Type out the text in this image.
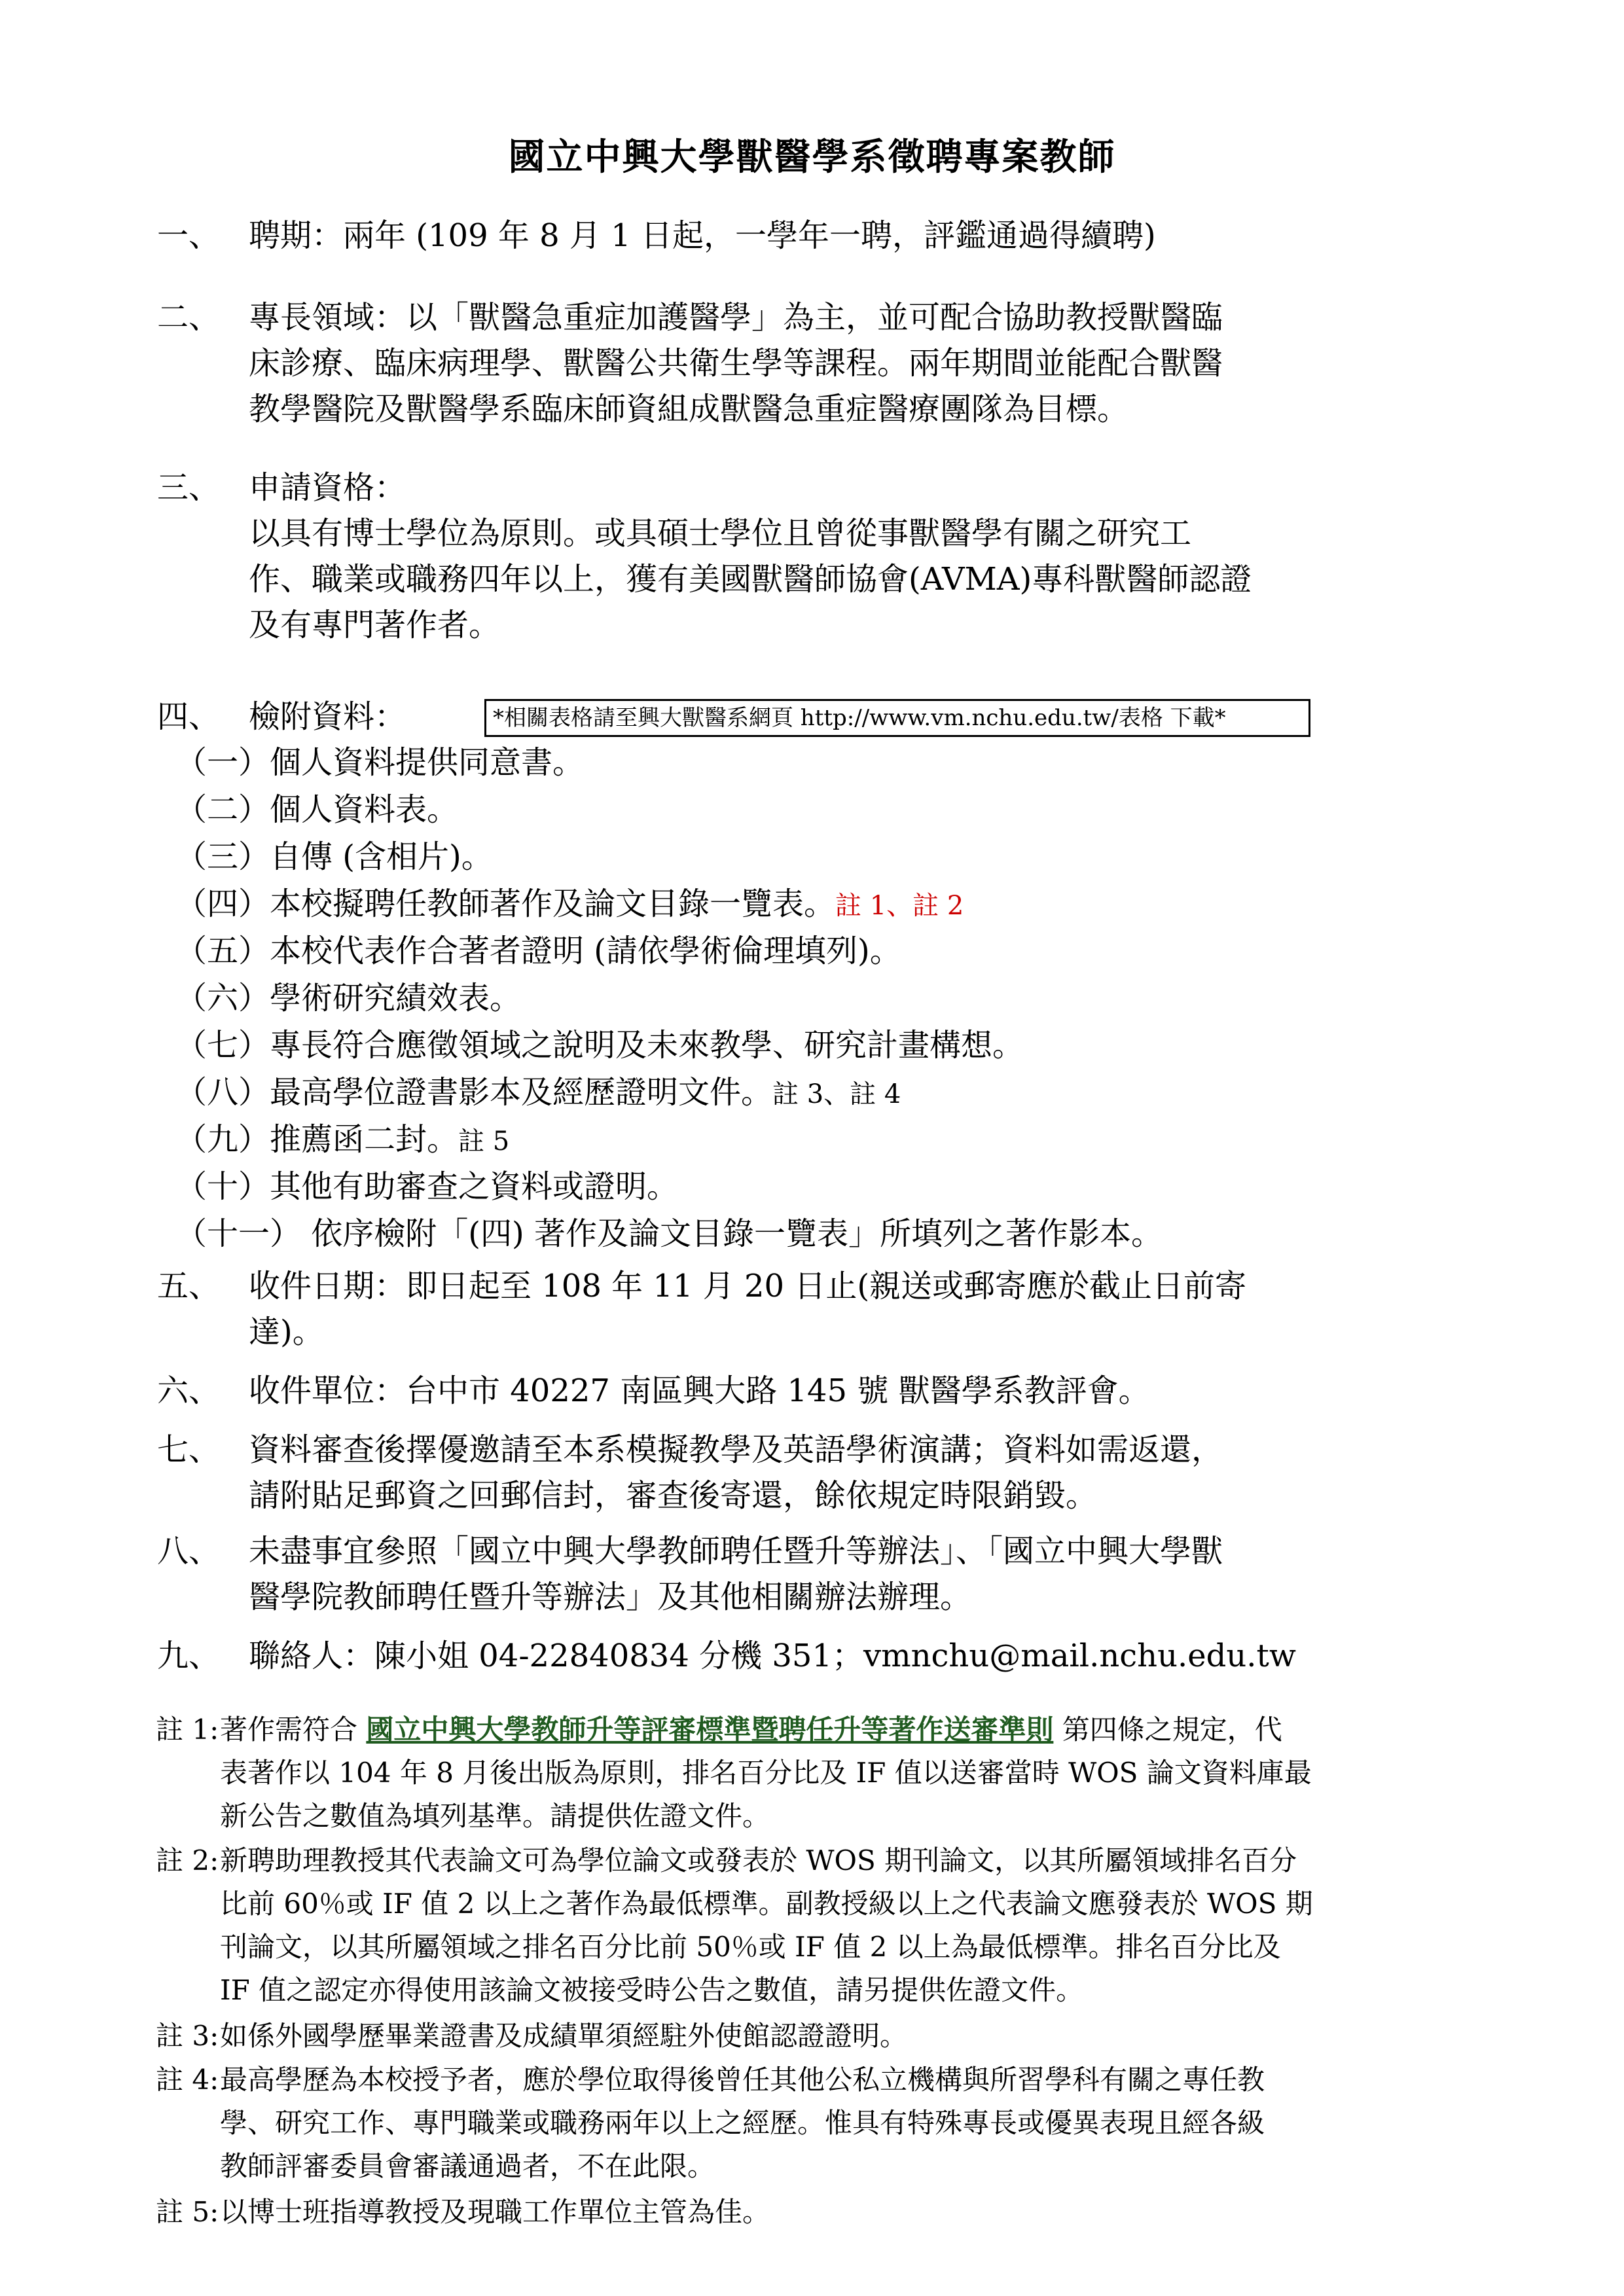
國立中興大學獸醫學系徵聘專案教師
一、 聘期：兩年 (109 年 8 月 1 日起，一學年一聘，評鑑通過得續聘)
二、 專長領域：以「獸醫急重症加護醫學」為主，並可配合協助教授獸醫臨
床診療、臨床病理學、獸醫公共衛生學等課程。兩年期間並能配合獸醫
教學醫院及獸醫學系臨床師資組成獸醫急重症醫療團隊為目標。
三、 申請資格：
以具有博士學位為原則。或具碩士學位且曾從事獸醫學有關之研究工
作、職業或職務四年以上，獲有美國獸醫師協會(AVMA)專科獸醫師認證
及有專門著作者。
四、 檢附資料：	*相關表格請至興大獸醫系網頁 http://www.vm.nchu.edu.tw/表格 下載*
（一）個人資料提供同意書。
（二）個人資料表。
（三）自傳 (含相片)。
（四）本校擬聘任教師著作及論文目錄一覽表。註 1、註 2
（五）本校代表作合著者證明 (請依學術倫理填列)。
（六）學術研究績效表。
（七）專長符合應徵領域之說明及未來教學、研究計畫構想。
（八）最高學位證書影本及經歷證明文件。註 3、註 4
（九）推薦函二封。註 5
（十）其他有助審查之資料或證明。
（十一） 依序檢附「(四) 著作及論文目錄一覽表」所填列之著作影本。
五、 收件日期：即日起至 108 年 11 月 20 日止(親送或郵寄應於截止日前寄
達)。
六、 收件單位：台中市 40227 南區興大路 145 號 獸醫學系教評會。
七、 資料審查後擇優邀請至本系模擬教學及英語學術演講；資料如需返還，
請附貼足郵資之回郵信封，審查後寄還，餘依規定時限銷毀。
八、 未盡事宜參照「國立中興大學教師聘任暨升等辦法」、「國立中興大學獸
醫學院教師聘任暨升等辦法」及其他相關辦法辦理。
九、 聯絡人：陳小姐 04-22840834 分機 351；vmnchu@mail.nchu.edu.tw
註 1: 著作需符合 國立中興大學教師升等評審標準暨聘任升等著作送審準則 第四條之規定，代
表著作以 104 年 8 月後出版為原則，排名百分比及 IF 值以送審當時 WOS 論文資料庫最
新公告之數值為填列基準。請提供佐證文件。
註 2: 新聘助理教授其代表論文可為學位論文或發表於 WOS 期刊論文，以其所屬領域排名百分
比前 60％或 IF 值 2 以上之著作為最低標準。副教授級以上之代表論文應發表於 WOS 期
刊論文，以其所屬領域之排名百分比前 50％或 IF 值 2 以上為最低標準。排名百分比及
IF 值之認定亦得使用該論文被接受時公告之數值，請另提供佐證文件。
註 3: 如係外國學歷畢業證書及成績單須經駐外使館認證證明。
註 4: 最高學歷為本校授予者，應於學位取得後曾任其他公私立機構與所習學科有關之專任教
學、研究工作、專門職業或職務兩年以上之經歷。惟具有特殊專長或優異表現且經各級
教師評審委員會審議通過者，不在此限。
註 5: 以博士班指導教授及現職工作單位主管為佳。
